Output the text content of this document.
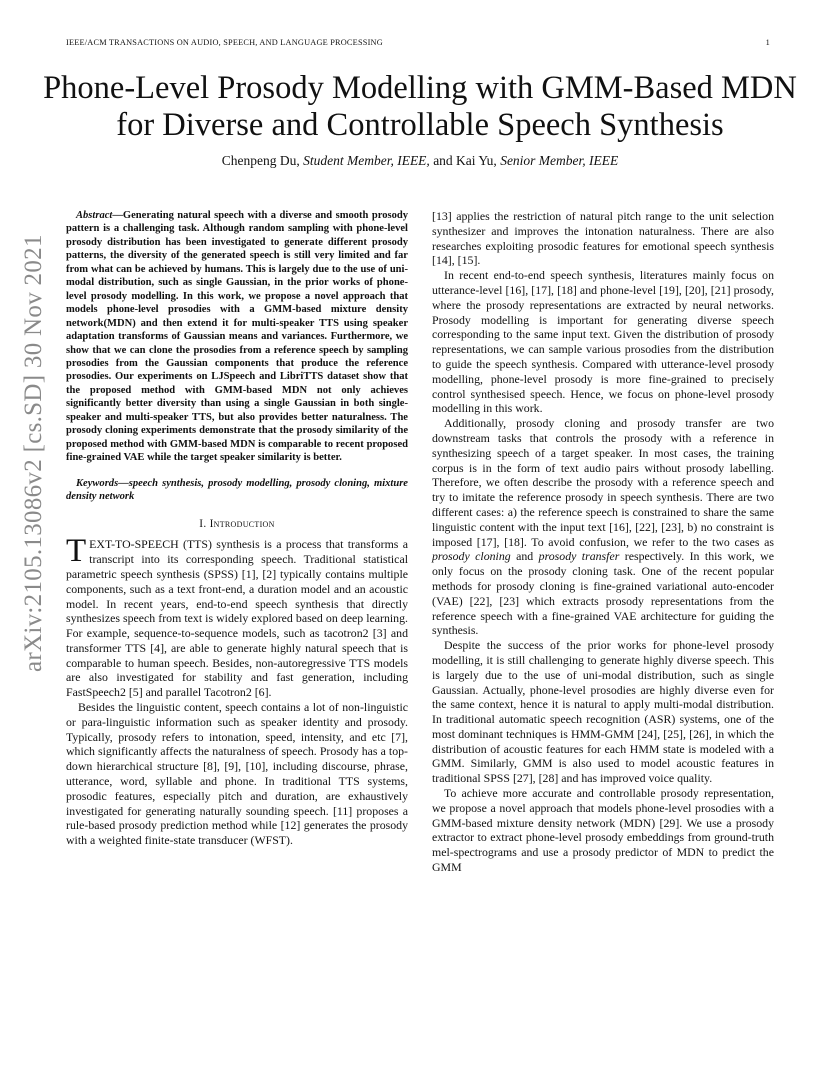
IEEE/ACM TRANSACTIONS ON AUDIO, SPEECH, AND LANGUAGE PROCESSING	1
arXiv:2105.13086v2 [cs.SD] 30 Nov 2021
Phone-Level Prosody Modelling with GMM-Based MDN for Diverse and Controllable Speech Synthesis
Chenpeng Du, Student Member, IEEE, and Kai Yu, Senior Member, IEEE

Abstract—Generating natural speech with a diverse and smooth prosody pattern is a challenging task. Although random sampling with phone-level prosody distribution has been investigated to generate different prosody patterns, the diversity of the generated speech is still very limited and far from what can be achieved by humans. This is largely due to the use of uni-modal distribution, such as single Gaussian, in the prior works of phone-level prosody modelling. In this work, we propose a novel approach that models phone-level prosodies with a GMM-based mixture density network(MDN) and then extend it for multi-speaker TTS using speaker adaptation transforms of Gaussian means and variances. Furthermore, we show that we can clone the prosodies from a reference speech by sampling prosodies from the Gaussian components that produce the reference prosodies. Our experiments on LJSpeech and LibriTTS dataset show that the proposed method with GMM-based MDN not only achieves significantly better diversity than using a single Gaussian in both single-speaker and multi-speaker TTS, but also provides better naturalness. The prosody cloning experiments demonstrate that the prosody similarity of the proposed method with GMM-based MDN is comparable to recent proposed fine-grained VAE while the target speaker similarity is better.

Keywords—speech synthesis, prosody modelling, prosody cloning, mixture density network

I. Introduction

TEXT-TO-SPEECH (TTS) synthesis is a process that transforms a transcript into its corresponding speech. Traditional statistical parametric speech synthesis (SPSS) [1], [2] typically contains multiple components, such as a text front-end, a duration model and an acoustic model. In recent years, end-to-end speech synthesis that directly synthesizes speech from text is widely explored based on deep learning. For example, sequence-to-sequence models, such as tacotron2 [3] and transformer TTS [4], are able to generate highly natural speech that is comparable to human speech. Besides, non-autoregressive TTS models are also investigated for stability and fast generation, including FastSpeech2 [5] and parallel Tacotron2 [6].

Besides the linguistic content, speech contains a lot of non-linguistic or para-linguistic information such as speaker identity and prosody. Typically, prosody refers to intonation, speed, intensity, and etc [7], which significantly affects the naturalness of speech. Prosody has a top-down hierarchical structure [8], [9], [10], including discourse, phrase, utterance, word, syllable and phone. In traditional TTS systems, prosodic features, especially pitch and duration, are exhaustively investigated for generating naturally sounding speech. [11] proposes a rule-based prosody prediction method while [12] generates the prosody with a weighted finite-state transducer (WFST).

[13] applies the restriction of natural pitch range to the unit selection synthesizer and improves the intonation naturalness. There are also researches exploiting prosodic features for emotional speech synthesis [14], [15].

In recent end-to-end speech synthesis, literatures mainly focus on utterance-level [16], [17], [18] and phone-level [19], [20], [21] prosody, where the prosody representations are extracted by neural networks. Prosody modelling is important for generating diverse speech corresponding to the same input text. Given the distribution of prosody representations, we can sample various prosodies from the distribution to guide the speech synthesis. Compared with utterance-level prosody modelling, phone-level prosody is more fine-grained to precisely control synthesised speech. Hence, we focus on phone-level prosody modelling in this work.

Additionally, prosody cloning and prosody transfer are two downstream tasks that controls the prosody with a reference in synthesizing speech of a target speaker. In most cases, the training corpus is in the form of text audio pairs without prosody labelling. Therefore, we often describe the prosody with a reference speech and try to imitate the reference prosody in speech synthesis. There are two different cases: a) the reference speech is constrained to share the same linguistic content with the input text [16], [22], [23], b) no constraint is imposed [17], [18]. To avoid confusion, we refer to the two cases as prosody cloning and prosody transfer respectively. In this work, we only focus on the prosody cloning task. One of the recent popular methods for prosody cloning is fine-grained variational auto-encoder (VAE) [22], [23] which extracts prosody representations from the reference speech with a fine-grained VAE architecture for guiding the synthesis.

Despite the success of the prior works for phone-level prosody modelling, it is still challenging to generate highly diverse speech. This is largely due to the use of uni-modal distribution, such as single Gaussian. Actually, phone-level prosodies are highly diverse even for the same context, hence it is natural to apply multi-modal distribution. In traditional automatic speech recognition (ASR) systems, one of the most dominant techniques is HMM-GMM [24], [25], [26], in which the distribution of acoustic features for each HMM state is modeled with a GMM. Similarly, GMM is also used to model acoustic features in traditional SPSS [27], [28] and has improved voice quality.

To achieve more accurate and controllable prosody representation, we propose a novel approach that models phone-level prosodies with a GMM-based mixture density network (MDN) [29]. We use a prosody extractor to extract phone-level prosody embeddings from ground-truth mel-spectrograms and use a prosody predictor of MDN to predict the GMM
